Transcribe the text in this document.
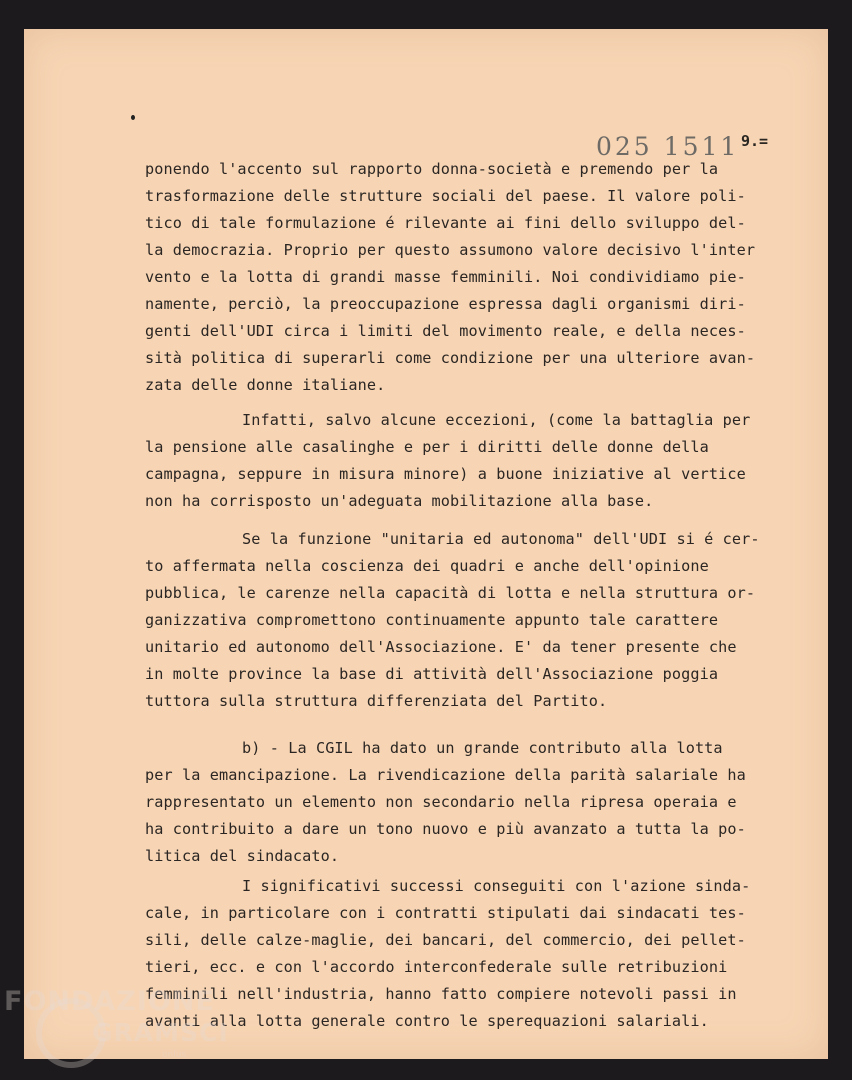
025 1511 9.=
ponendo l'accento sul rapporto donna-società e premendo per la
trasformazione delle strutture sociali del paese. Il valore poli-
tico di tale formulazione é rilevante ai fini dello sviluppo del-
la democrazia. Proprio per questo assumono valore decisivo l'inter
vento e la lotta di grandi masse femminili. Noi condividiamo pie-
namente, perciò, la preoccupazione espressa dagli organismi diri-
genti dell'UDI circa i limiti del movimento reale, e della neces-
sità politica di superarli come condizione per una ulteriore avan-
zata delle donne italiane.
Infatti, salvo alcune eccezioni, (come la battaglia per
la pensione alle casalinghe e per i diritti delle donne della
campagna, seppure in misura minore) a buone iniziative al vertice
non ha corrisposto un'adeguata mobilitazione alla base.
Se la funzione "unitaria ed autonoma" dell'UDI si é cer-
to affermata nella coscienza dei quadri e anche dell'opinione
pubblica, le carenze nella capacità di lotta e nella struttura or-
ganizzativa compromettono continuamente appunto tale carattere
unitario ed autonomo dell'Associazione. E' da tener presente che
in molte province la base di attività dell'Associazione poggia
tuttora sulla struttura differenziata del Partito.
b) - La CGIL ha dato un grande contributo alla lotta
per la emancipazione. La rivendicazione della parità salariale ha
rappresentato un elemento non secondario nella ripresa operaia e
ha contribuito a dare un tono nuovo e più avanzato a tutta la po-
litica del sindacato.
I significativi successi conseguiti con l'azione sinda-
cale, in particolare con i contratti stipulati dai sindacati tes-
sili, delle calze-maglie, dei bancari, del commercio, dei pellet-
tieri, ecc. e con l'accordo interconfederale sulle retribuzioni
femminili nell'industria, hanno fatto compiere notevoli passi in
avanti alla lotta generale contro le sperequazioni salariali.
FONDAZIONE
GRAMSCI
onlus
